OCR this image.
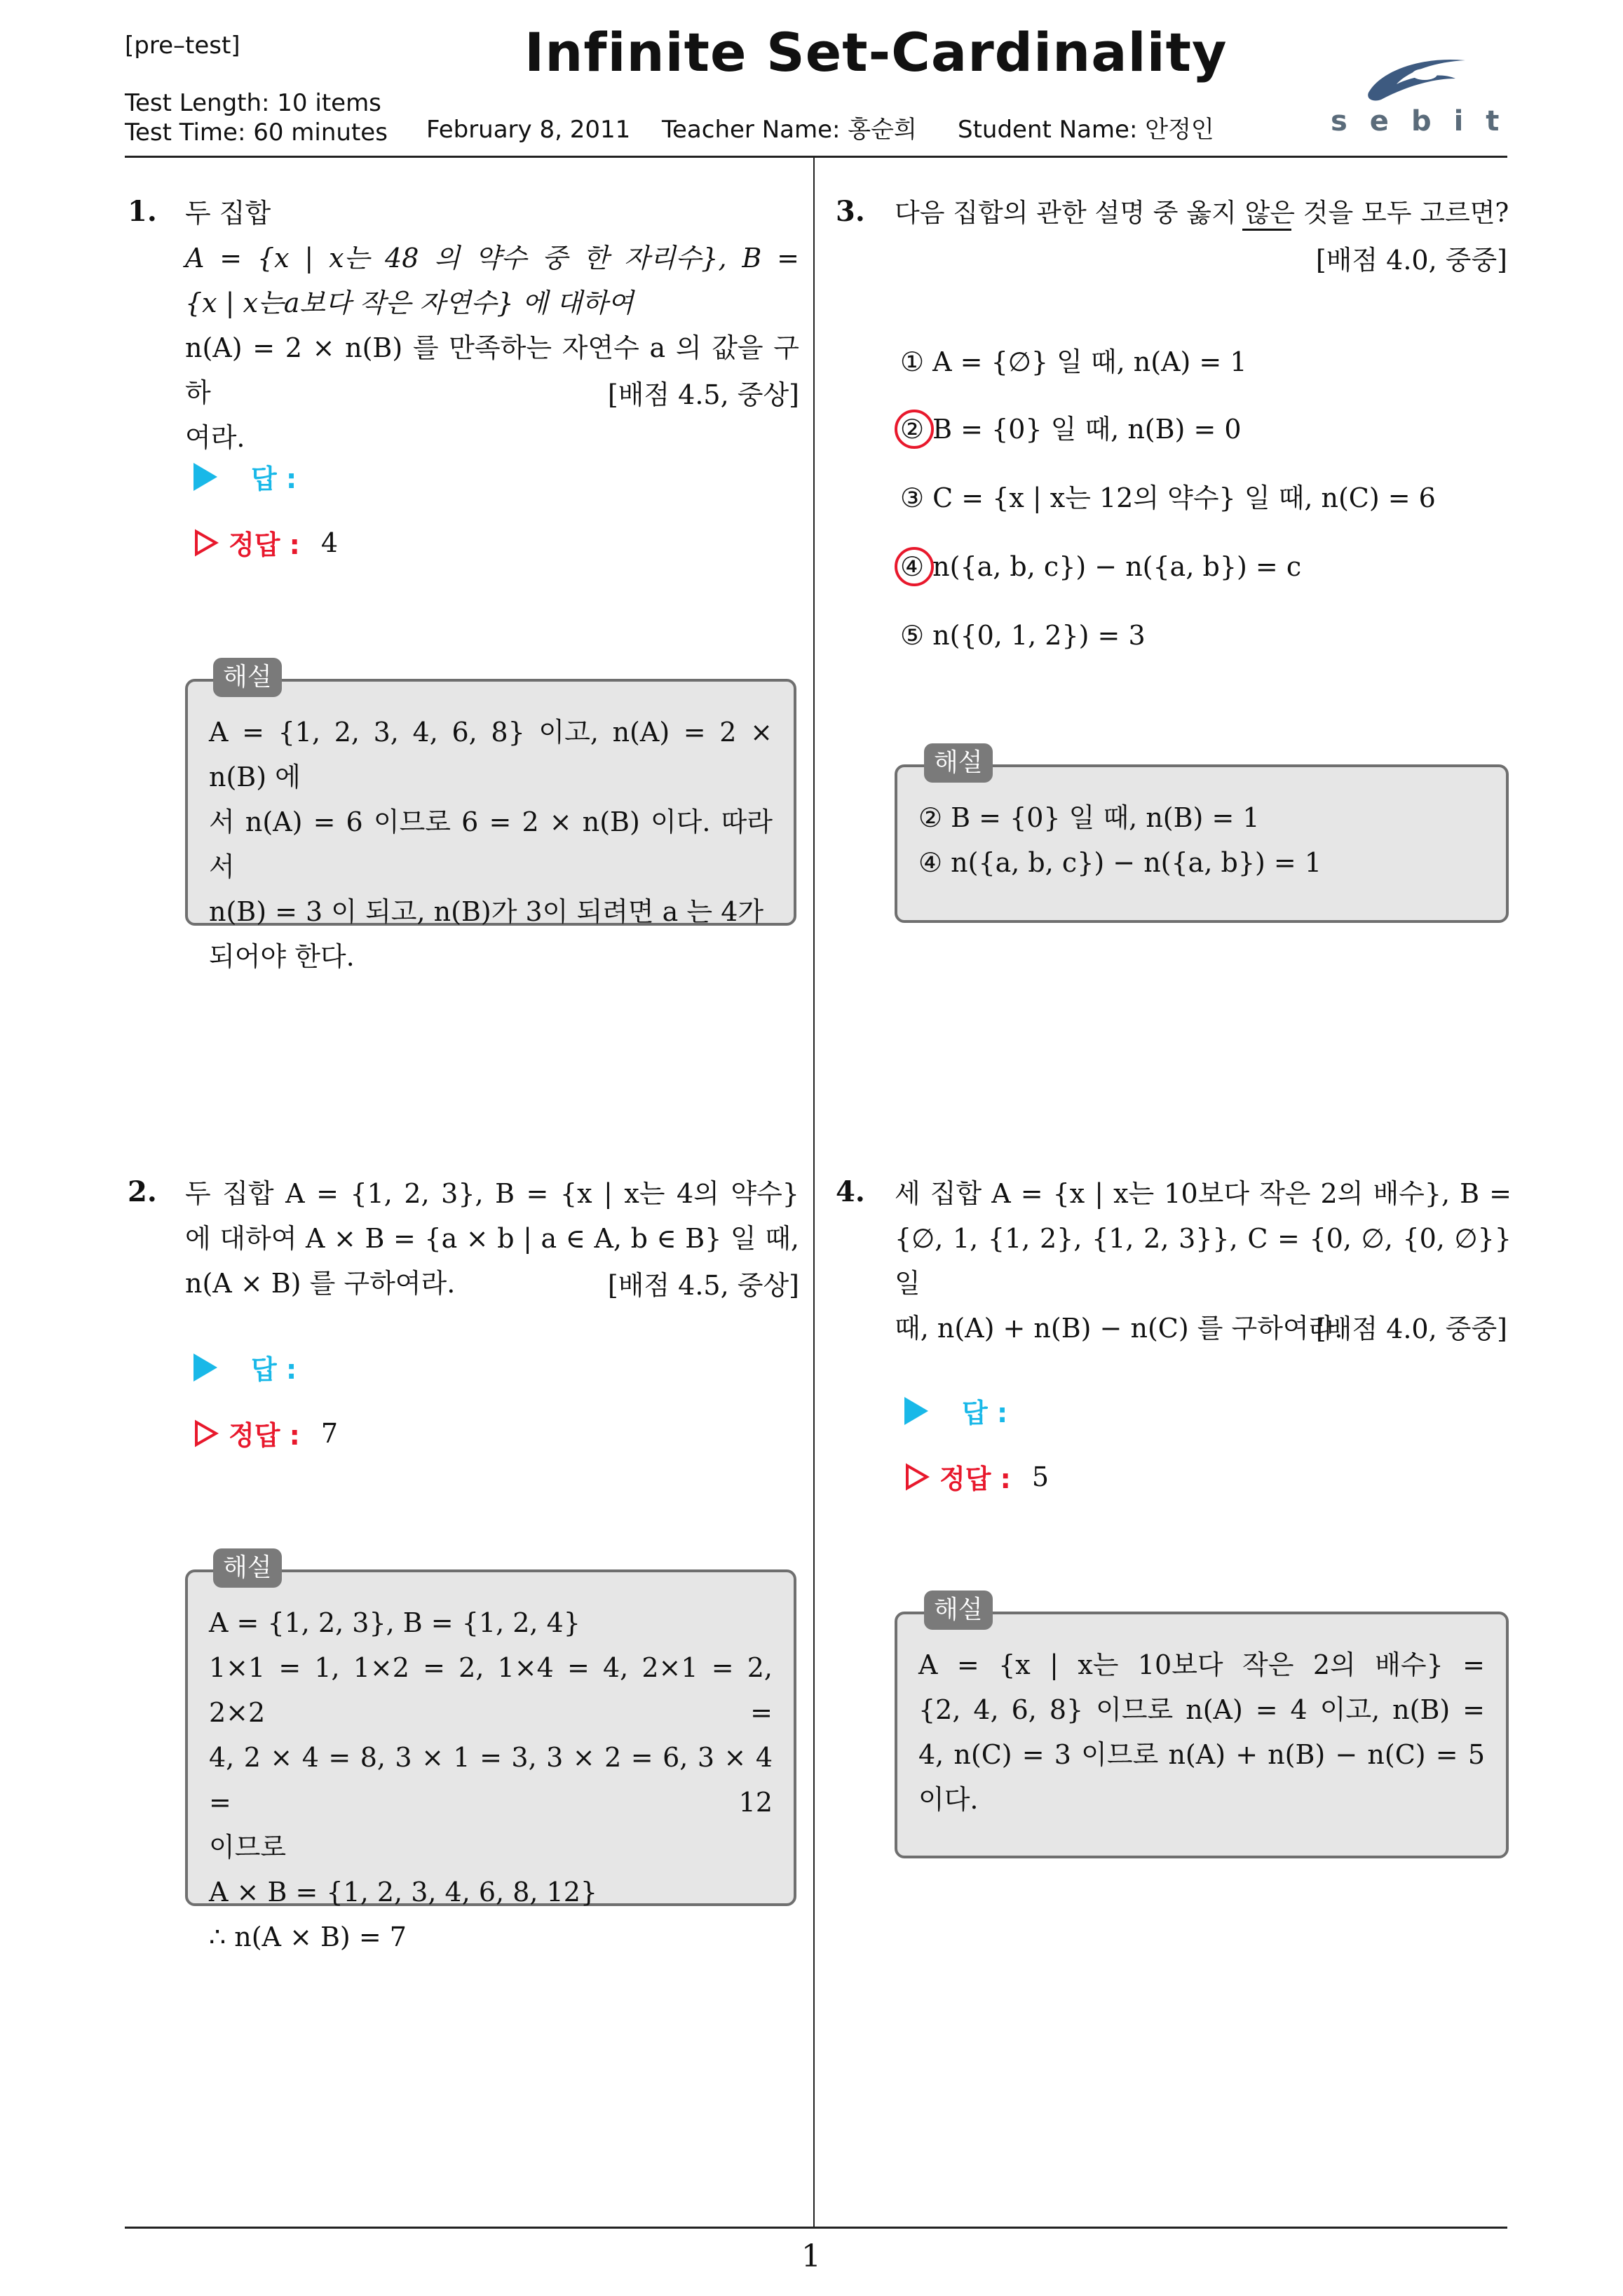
[pre–test]	Infinite Set-Cardinality
Test Length: 10 items
Test Time: 60 minutes February 8, 2011 Teacher Name: 홍순희 Student Name: 안정인	sebit
1
1. 두 집합

A = {x | x는 48 의 약수 중 한 자리수}, B =

{x | x는a보다 작은 자연수} 에 대하여

n(A) = 2 × n(B) 를 만족하는 자연수 a 의 값을 구하

여라.

[배점 4.5, 중상]
답 :
정답 : 4

A = {1, 2, 3, 4, 6, 8} 이고, n(A) = 2 × n(B) 에

서 n(A) = 6 이므로 6 = 2 × n(B) 이다. 따라서

n(B) = 3 이 되고, n(B)가 3이 되려면 a 는 4가

되어야 한다.

해설
2. 두 집합 A = {1, 2, 3}, B = {x | x는 4의 약수}

에 대하여 A × B = {a × b | a ∈ A, b ∈ B} 일 때,

n(A × B) 를 구하여라.	[배점 4.5, 중상]
답 :
정답 : 7

A = {1, 2, 3}, B = {1, 2, 4}

1×1 = 1, 1×2 = 2, 1×4 = 4, 2×1 = 2, 2×2 =

4, 2 × 4 = 8, 3 × 1 = 3, 3 × 2 = 6, 3 × 4 = 12

이므로

A × B = {1, 2, 3, 4, 6, 8, 12}

∴ n(A × B) = 7

해설
3. 다음 집합의 관한 설명 중 옳지 않은 것을 모두 고르면?

[배점 4.0, 중중]
① A = {∅} 일 때, n(A) = 1
② B = {0} 일 때, n(B) = 0
③ C = {x | x는 12의 약수} 일 때, n(C) = 6
④ n({a, b, c}) − n({a, b}) = c
⑤ n({0, 1, 2}) = 3

② B = {0} 일 때, n(B) = 1

④ n({a, b, c}) − n({a, b}) = 1

해설
4. 세 집합 A = {x | x는 10보다 작은 2의 배수}, B =

{∅, 1, {1, 2}, {1, 2, 3}}, C = {0, ∅, {0, ∅}} 일

때, n(A) + n(B) − n(C) 를 구하여라.

[배점 4.0, 중중]
답 :
정답 : 5

A = {x | x는 10보다 작은 2의 배수} =

{2, 4, 6, 8} 이므로 n(A) = 4 이고, n(B) =

4, n(C) = 3 이므로 n(A) + n(B) − n(C) = 5

이다.

해설
